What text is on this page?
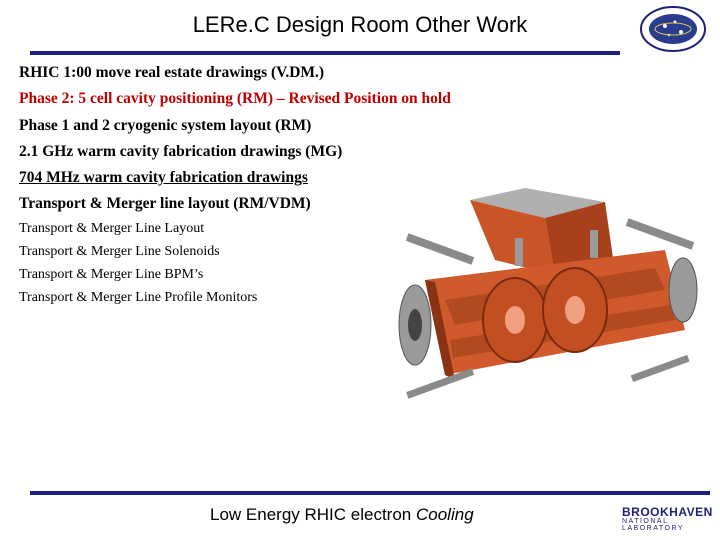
LERe.C Design Room Other Work
RHIC 1:00 move real estate drawings (V.DM.)
Phase 2: 5 cell cavity positioning (RM) – Revised Position on hold
Phase 1 and 2 cryogenic system layout (RM)
2.1 GHz warm cavity fabrication drawings (MG)
704 MHz warm cavity fabrication drawings
Transport & Merger line layout (RM/VDM)
Transport & Merger Line Layout
Transport & Merger Line Solenoids
Transport & Merger Line BPM’s
Transport & Merger Line Profile Monitors
Low Energy RHIC electron Cooling	BROOKHAVEN
NATIONAL LABORATORY
